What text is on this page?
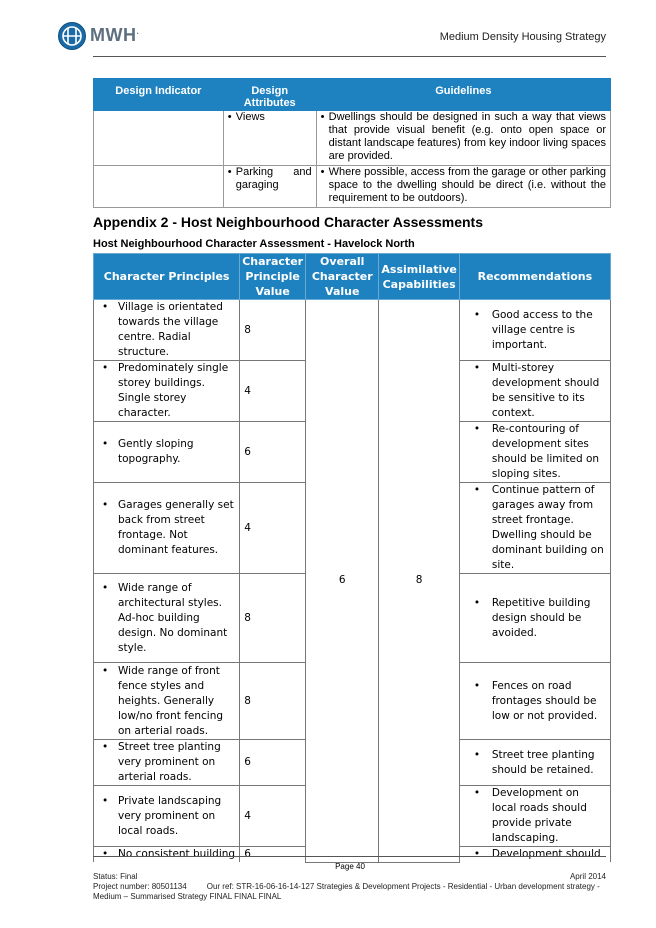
MWH.	Medium Density Housing Strategy
Design Indicator	Design Attributes	Guidelines
	• Views	• Dwellings should be designed in such a way that views that provide visual benefit (e.g. onto open space or distant landscape features) from key indoor living spaces are provided.
	• Parking and garaging	• Where possible, access from the garage or other parking space to the dwelling should be direct (i.e. without the requirement to be outdoors).
Appendix 2 - Host Neighbourhood Character Assessments
Host Neighbourhood Character Assessment - Havelock North
Character Principles	Character Principle Value	Overall Character Value	Assimilative Capabilities	Recommendations
• Village is orientated towards the village centre. Radial structure.	8	6	8	• Good access to the village centre is important.
• Predominately single storey buildings. Single storey character.	4			• Multi-storey development should be sensitive to its context.
• Gently sloping topography.	6			• Re-contouring of development sites should be limited on sloping sites.
• Garages generally set back from street frontage. Not dominant features.	4			• Continue pattern of garages away from street frontage. Dwelling should be dominant building on site.
• Wide range of architectural styles. Ad-hoc building design. No dominant style.	8			• Repetitive building design should be avoided.
• Wide range of front fence styles and heights. Generally low/no front fencing on arterial roads.	8			• Fences on road frontages should be low or not provided.
• Street tree planting very prominent on arterial roads.	6			• Street tree planting should be retained.
• Private landscaping very prominent on local roads.	4			• Development on local roads should provide private landscaping.
• No consistent building	6			• Development should
Page 40
Status: Final	April 2014
Project number: 80501134	Our ref: STR-16-06-16-14-127 Strategies & Development Projects - Residential - Urban development strategy - Medium – Summarised Strategy FINAL FINAL FINAL
